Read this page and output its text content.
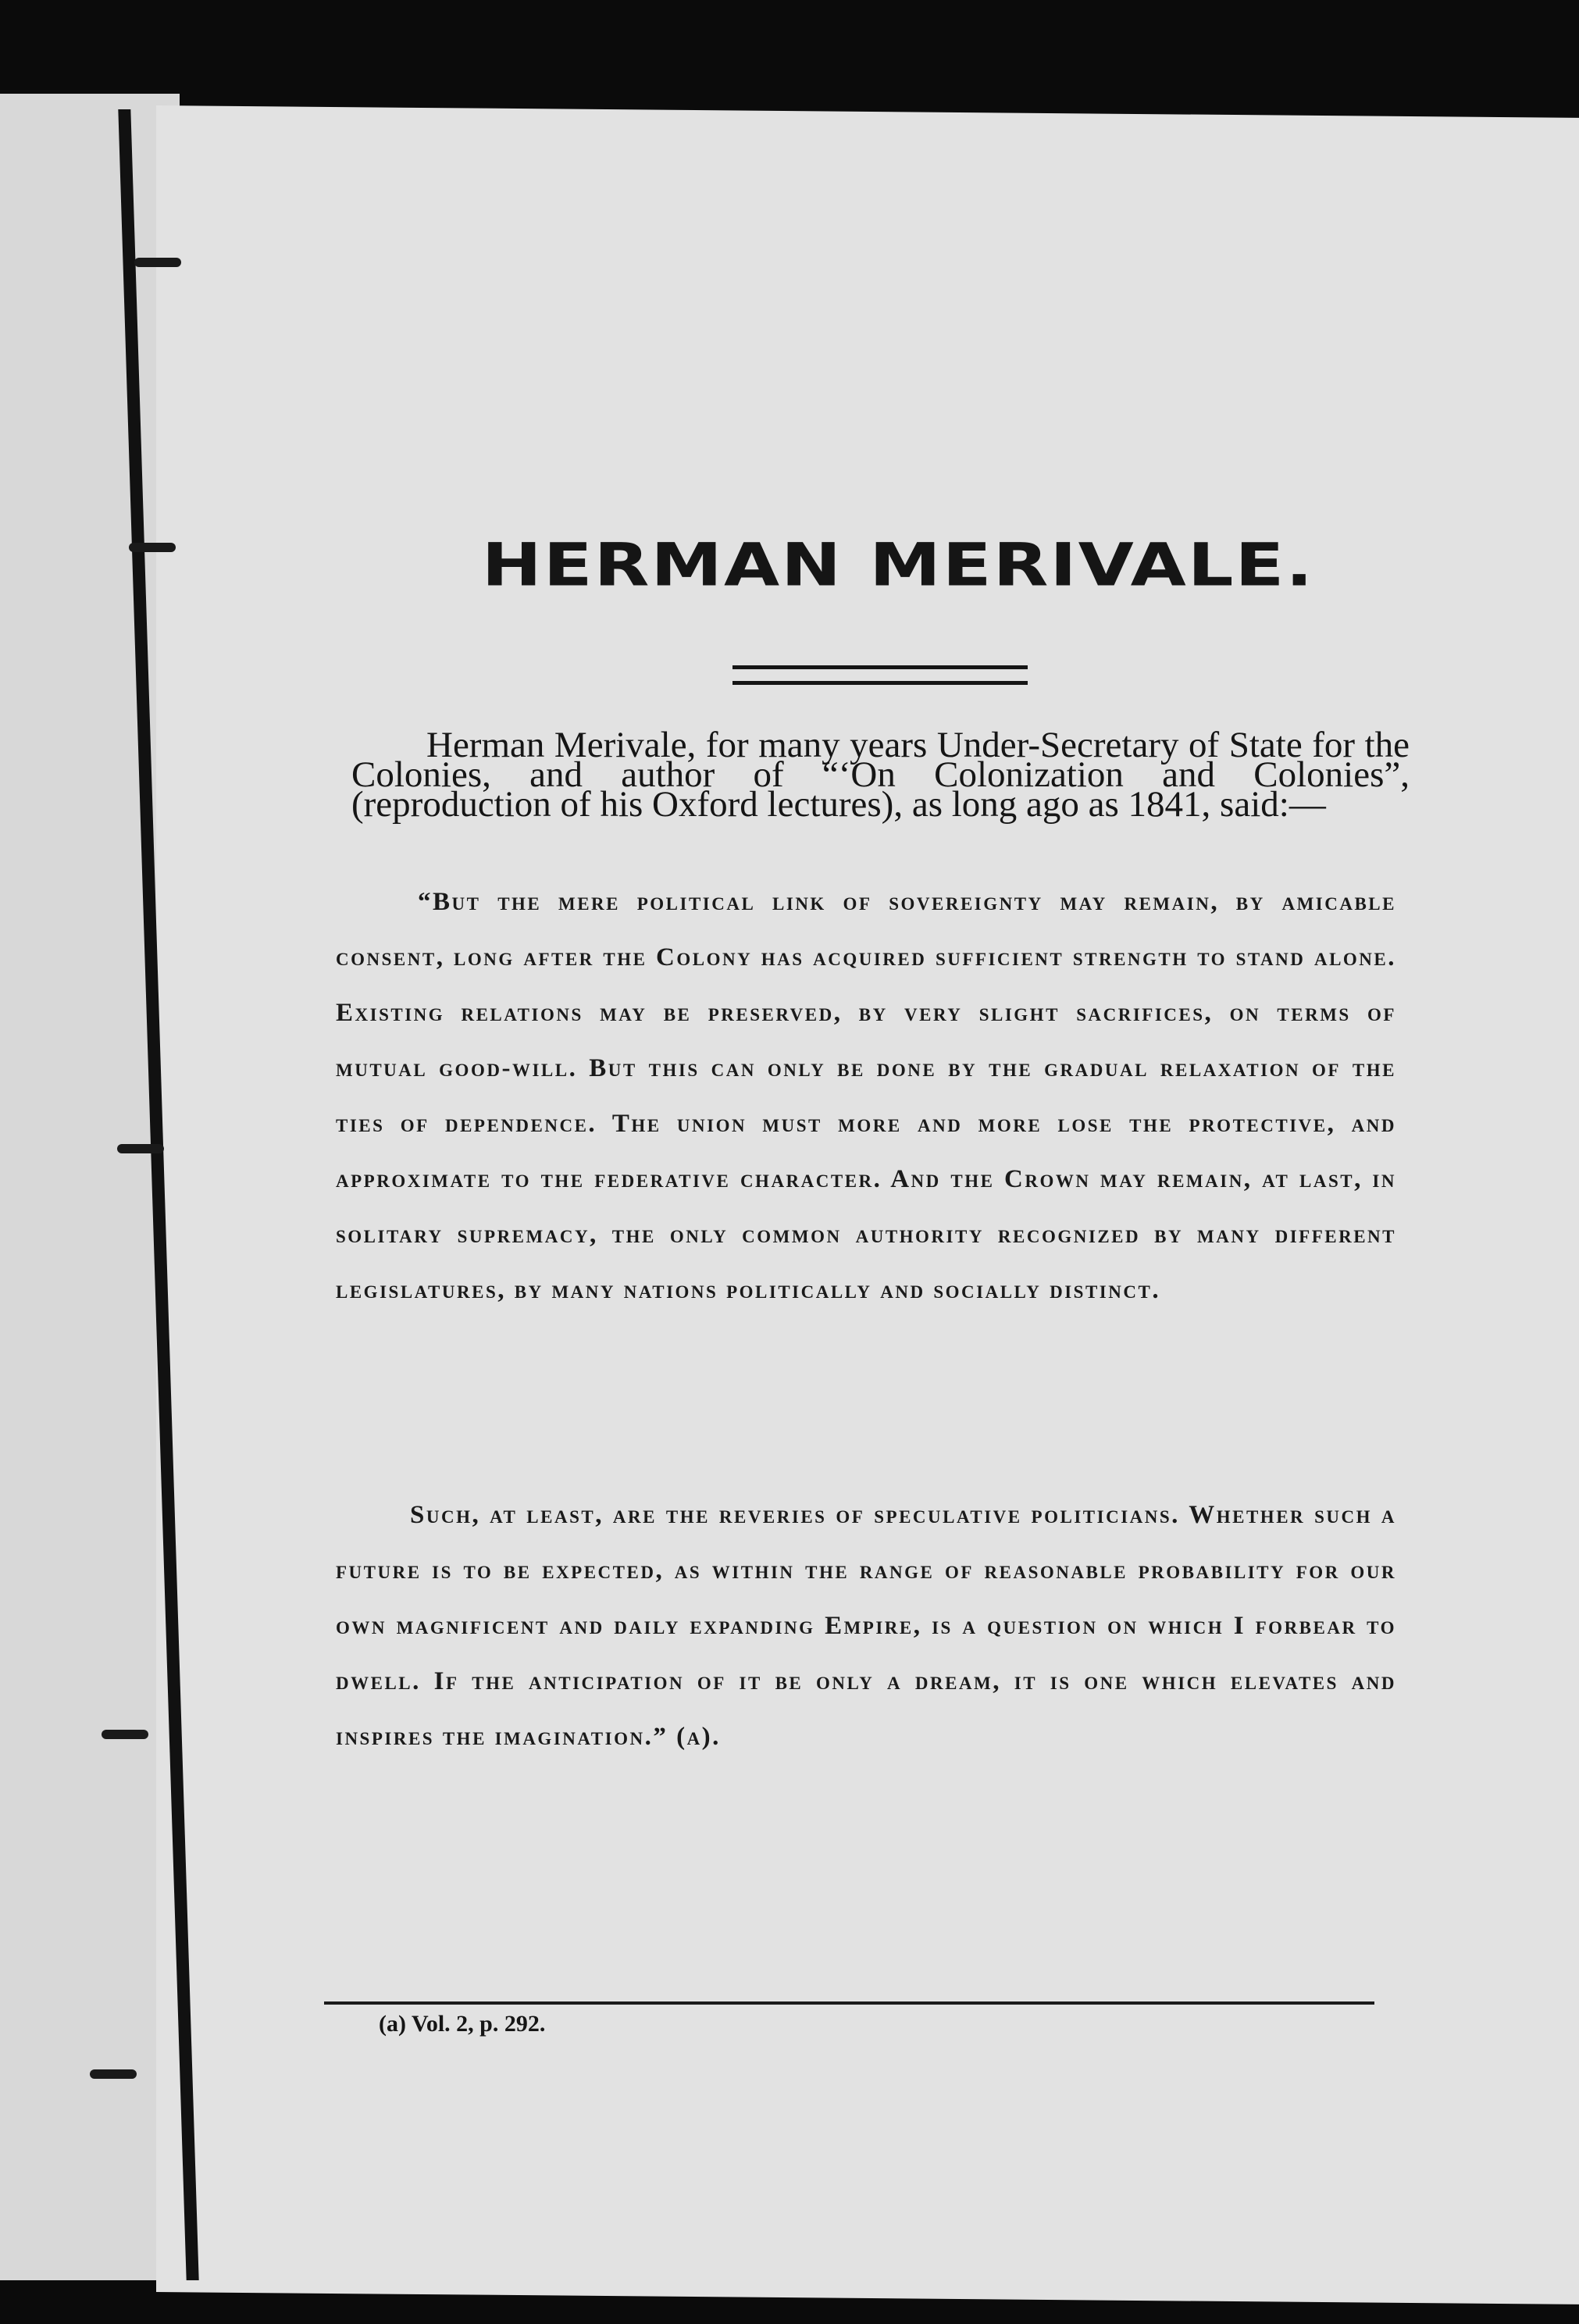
HERMAN MERIVALE.
Herman Merivale, for many years Under-Secretary of State for the Colonies, and author of “‘On Colonization and Colonies”, (reproduction of his Oxford lectures), as long ago as 1841, said:—
“But the mere political link of sovereignty may remain, by amicable consent, long after the Colony has acquired sufficient strength to stand alone. Existing relations may be preserved, by very slight sacrifices, on terms of mutual good-will. But this can only be done by the gradual relaxation of the ties of dependence. The union must more and more lose the protective, and approximate to the federative character. And the Crown may remain, at last, in solitary supremacy, the only common authority recognized by many different legislatures, by many nations politically and socially distinct.
Such, at least, are the reveries of speculative politicians. Whether such a future is to be expected, as within the range of reasonable probability for our own magnificent and daily expanding Empire, is a question on which I forbear to dwell. If the anticipation of it be only a dream, it is one which elevates and inspires the imagination.” (a).
(a) Vol. 2, p. 292.
